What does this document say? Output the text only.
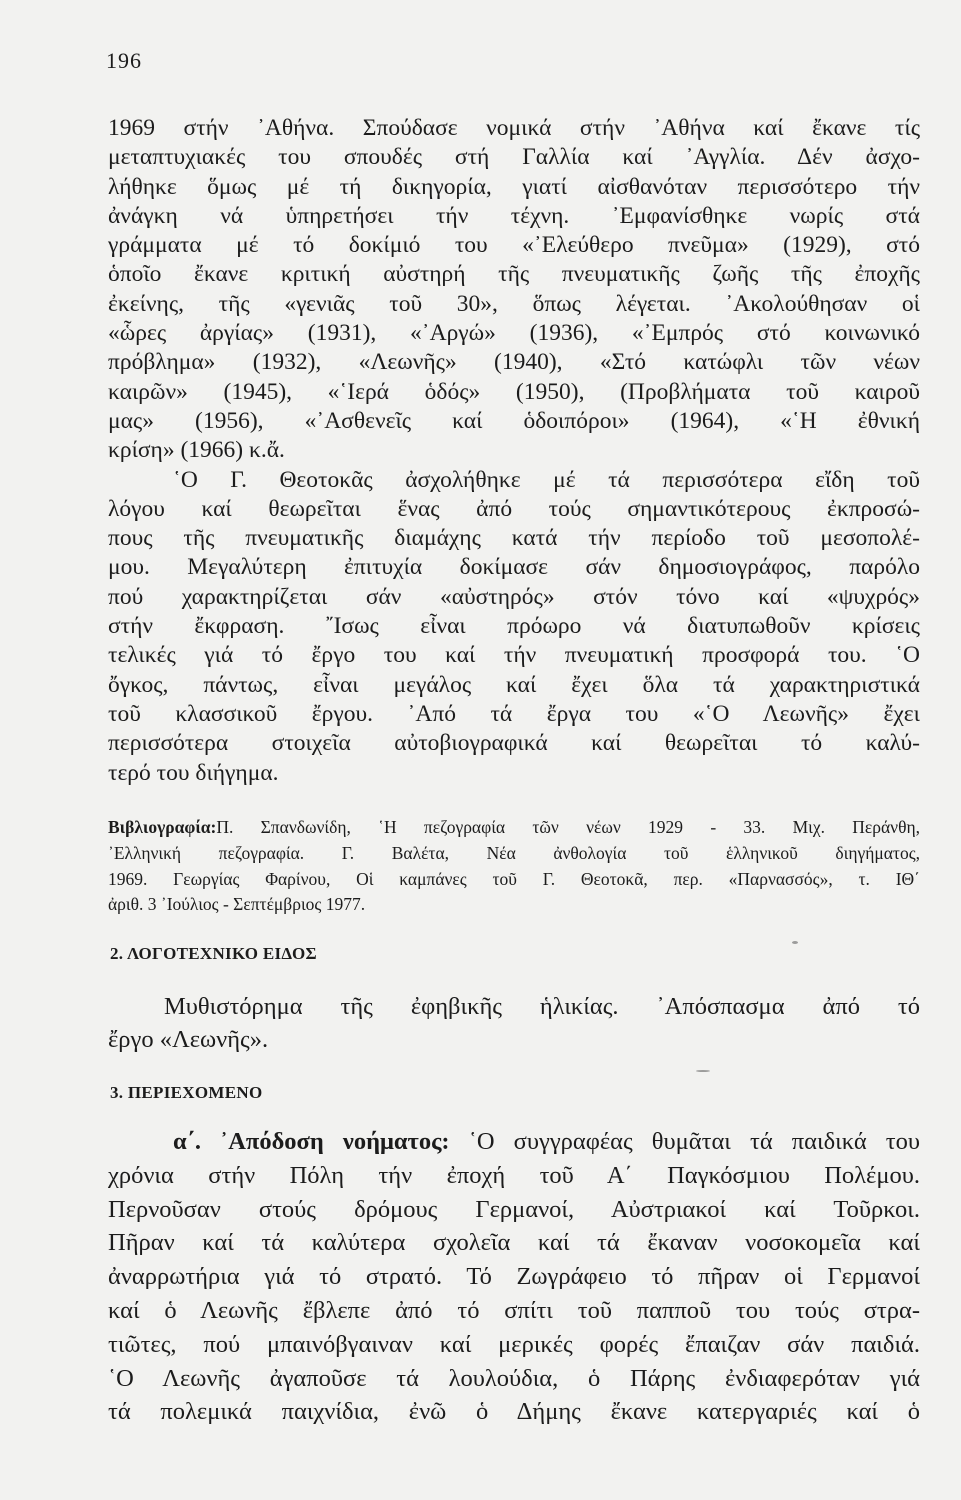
196
1969 στήν ᾿Αθήνα. Σπούδασε νομικά στήν ᾿Αθήνα καί ἔκανε τίς
μεταπτυχιακές του σπουδές στή Γαλλία καί ᾿Αγγλία. Δέν ἀσχο-
λήθηκε ὅμως μέ τή δικηγορία, γιατί αἰσθανόταν περισσότερο τήν
ἀνάγκη νά ὑπηρετήσει τήν τέχνη. ᾿Εμφανίσθηκε νωρίς στά
γράμματα μέ τό δοκίμιό του «᾿Ελεύθερο πνεῦμα» (1929), στό
ὁποῖο ἔκανε κριτική αὐστηρή τῆς πνευματικῆς ζωῆς τῆς ἐποχῆς
ἐκείνης, τῆς «γενιᾶς τοῦ 30», ὅπως λέγεται. ᾿Ακολούθησαν οἱ
«ὧρες ἀργίας» (1931), «᾿Αργώ» (1936), «᾿Εμπρός στό κοινωνικό
πρόβλημα» (1932), «Λεωνῆς» (1940), «Στό κατώφλι τῶν νέων
καιρῶν» (1945), «῾Ιερά ὁδός» (1950), (Προβλήματα τοῦ καιροῦ
μας» (1956), «᾿Ασθενεῖς καί ὁδοιπόροι» (1964), «῾Η ἐθνική
κρίση» (1966) κ.ἄ.
῾Ο Γ. Θεοτοκᾶς ἀσχολήθηκε μέ τά περισσότερα εἴδη τοῦ
λόγου καί θεωρεῖται ἕνας ἀπό τούς σημαντικότερους ἐκπροσώ-
πους τῆς πνευματικῆς διαμάχης κατά τήν περίοδο τοῦ μεσοπολέ-
μου. Μεγαλύτερη ἐπιτυχία δοκίμασε σάν δημοσιογράφος, παρόλο
πού χαρακτηρίζεται σάν «αὐστηρός» στόν τόνο καί «ψυχρός»
στήν ἔκφραση. ῎Ισως εἶναι πρόωρο νά διατυπωθοῦν κρίσεις
τελικές γιά τό ἔργο του καί τήν πνευματική προσφορά του. ῾Ο
ὄγκος, πάντως, εἶναι μεγάλος καί ἔχει ὅλα τά χαρακτηριστικά
τοῦ κλασσικοῦ ἔργου. ᾿Από τά ἔργα του «῾Ο Λεωνῆς» ἔχει
περισσότερα στοιχεῖα αὐτοβιογραφικά καί θεωρεῖται τό καλύ-
τερό του διήγημα.
Βιβλιογραφία:Π. Σπανδωνίδη, ῾Η πεζογραφία τῶν νέων 1929 - 33. Μιχ. Περάνθη,
᾿Ελληνική πεζογραφία. Γ. Βαλέτα, Νέα ἀνθολογία τοῦ ἑλληνικοῦ διηγήματος,
1969. Γεωργίας Φαρίνου, Οἱ καμπάνες τοῦ Γ. Θεοτοκᾶ, περ. «Παρνασσός», τ. ΙΘ΄
ἀριθ. 3 ᾿Ιούλιος - Σεπτέμβριος 1977.
2. ΛΟΓΟΤΕΧΝΙΚΟ ΕΙΔΟΣ
Μυθιστόρημα τῆς ἐφηβικῆς ἡλικίας. ᾿Απόσπασμα ἀπό τό
ἔργο «Λεωνῆς».
3. ΠΕΡΙΕΧΟΜΕΝΟ
α΄. ᾿Απόδοση νοήματος: ῾Ο συγγραφέας θυμᾶται τά παιδικά του
χρόνια στήν Πόλη τήν ἐποχή τοῦ Α΄ Παγκόσμιου Πολέμου.
Περνοῦσαν στούς δρόμους Γερμανοί, Αὐστριακοί καί Τοῦρκοι.
Πῆραν καί τά καλύτερα σχολεῖα καί τά ἔκαναν νοσοκομεῖα καί
ἀναρρωτήρια γιά τό στρατό. Τό Ζωγράφειο τό πῆραν οἱ Γερμανοί
καί ὁ Λεωνῆς ἔβλεπε ἀπό τό σπίτι τοῦ παπποῦ του τούς στρα-
τιῶτες, πού μπαινόβγαιναν καί μερικές φορές ἔπαιζαν σάν παιδιά.
῾Ο Λεωνῆς ἀγαποῦσε τά λουλούδια, ὁ Πάρης ἐνδιαφερόταν γιά
τά πολεμικά παιχνίδια, ἐνῶ ὁ Δήμης ἔκανε κατεργαριές καί ὁ
